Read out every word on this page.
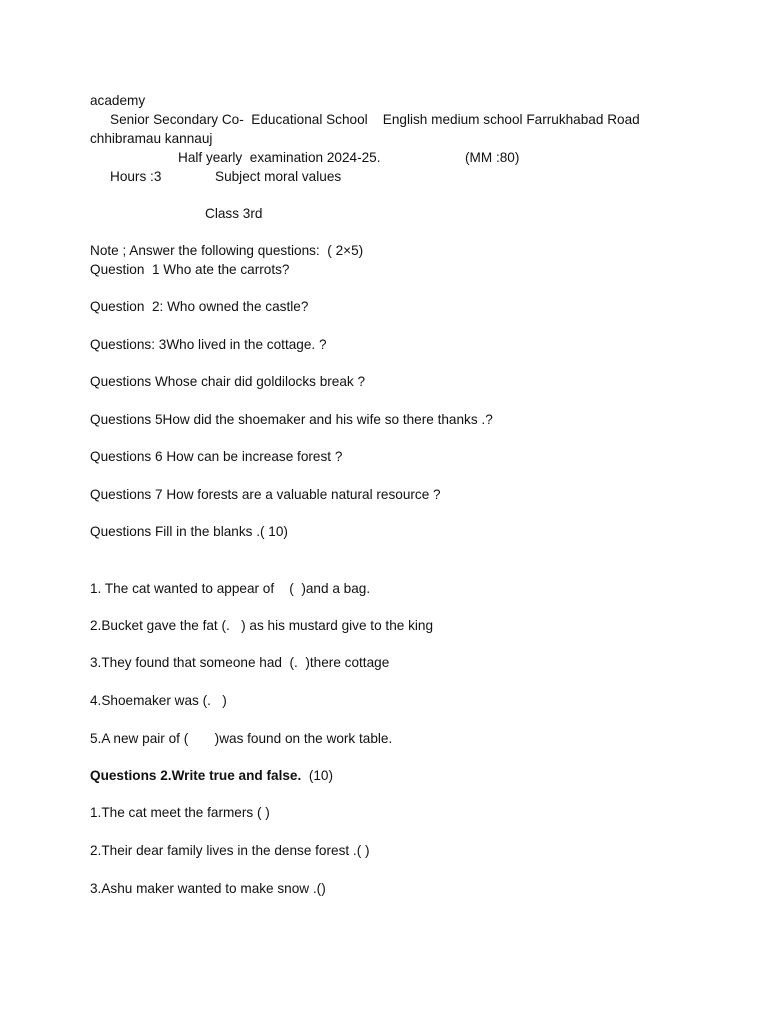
academy
Senior Secondary Co-  Educational School    English medium school Farrukhabad Road
chhibramau kannauj
Half yearly  examination 2024-25.	(MM :80)
Hours :3	Subject moral values
Class 3rd
Note ; Answer the following questions:  ( 2×5)
Question  1 Who ate the carrots?
Question  2: Who owned the castle?
Questions: 3Who lived in the cottage. ?
Questions Whose chair did goldilocks break ?
Questions 5How did the shoemaker and his wife so there thanks .?
Questions 6 How can be increase forest ?
Questions 7 How forests are a valuable natural resource ?
Questions Fill in the blanks .( 10)
1. The cat wanted to appear of    (  )and a bag.
2.Bucket gave the fat (.   ) as his mustard give to the king
3.They found that someone had  (.  )there cottage
4.Shoemaker was (.   )
5.A new pair of (       )was found on the work table.
Questions 2.Write true and false.  (10)
1.The cat meet the farmers ( )
2.Their dear family lives in the dense forest .( )
3.Ashu maker wanted to make snow .()
